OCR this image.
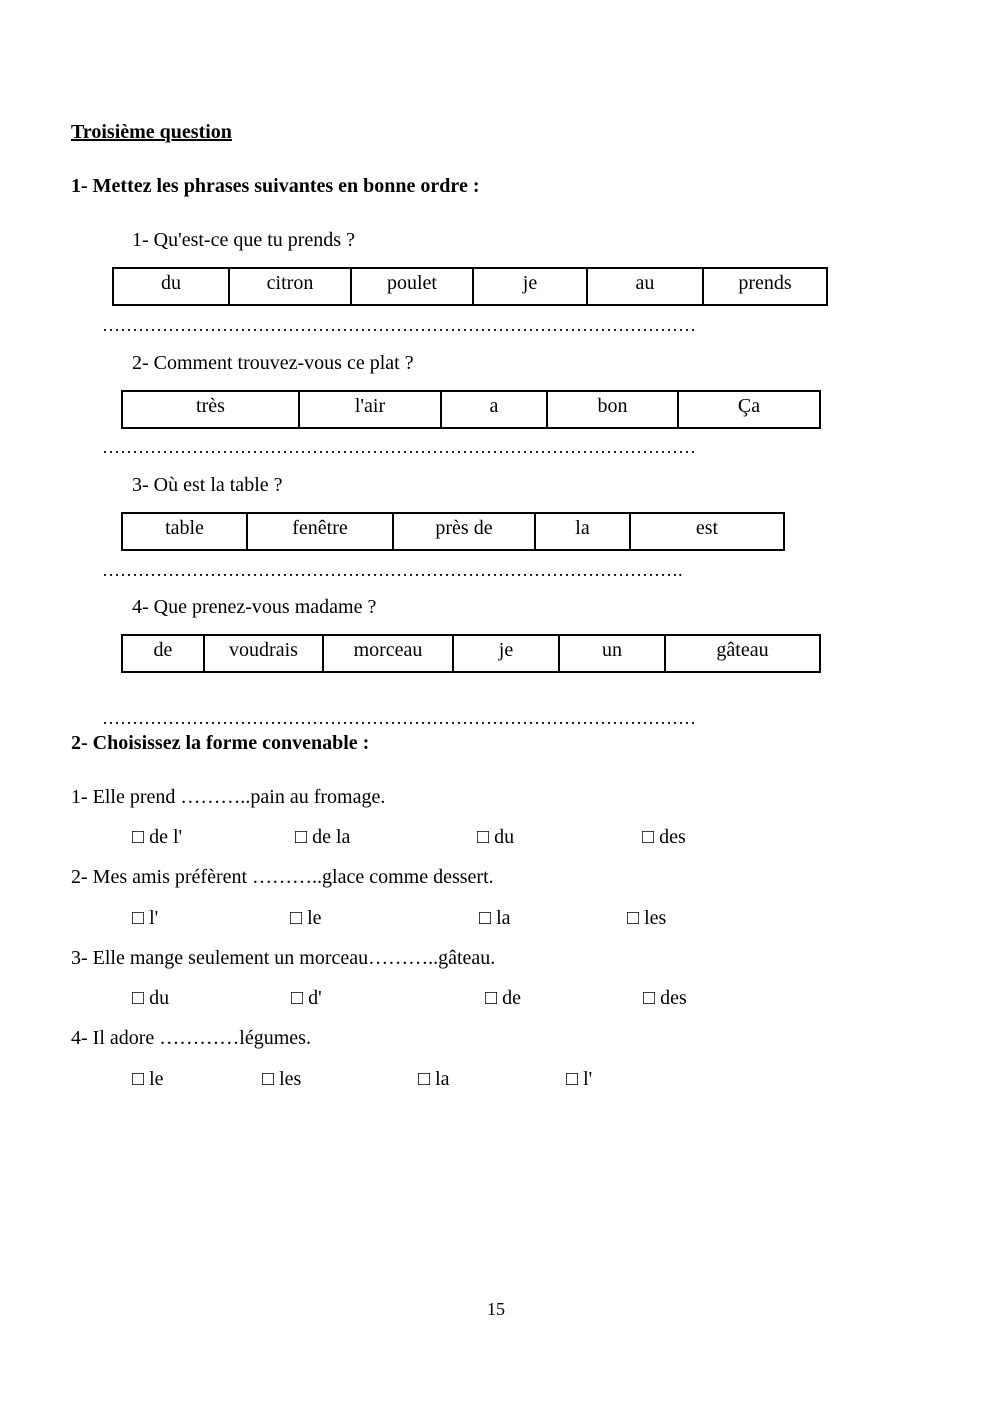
Troisième question
1- Mettez les phrases suivantes en bonne ordre :
1- Qu'est-ce que tu prends ?
du	citron	poulet	je	au	prends
………………………………………………………………………………………
2- Comment trouvez-vous ce plat ?
très	l'air	a	bon	Ça
………………………………………………………………………………………
3- Où est la table ?
table	fenêtre	près de	la	est
…………………………………………………………………………………….
4- Que prenez-vous madame ?
de	voudrais	morceau	je	un	gâteau
………………………………………………………………………………………
2- Choisissez la forme convenable :
1- Elle prend ………..pain au fromage.
□ de l'	□ de la	□ du	□ des
2- Mes amis préfèrent ………..glace comme dessert.
□ l'	□ le	□ la	□ les
3- Elle mange seulement un morceau………..gâteau.
□ du	□ d'	□ de	□ des
4- Il adore …………légumes.
□ le	□ les	□ la	□ l'
15
